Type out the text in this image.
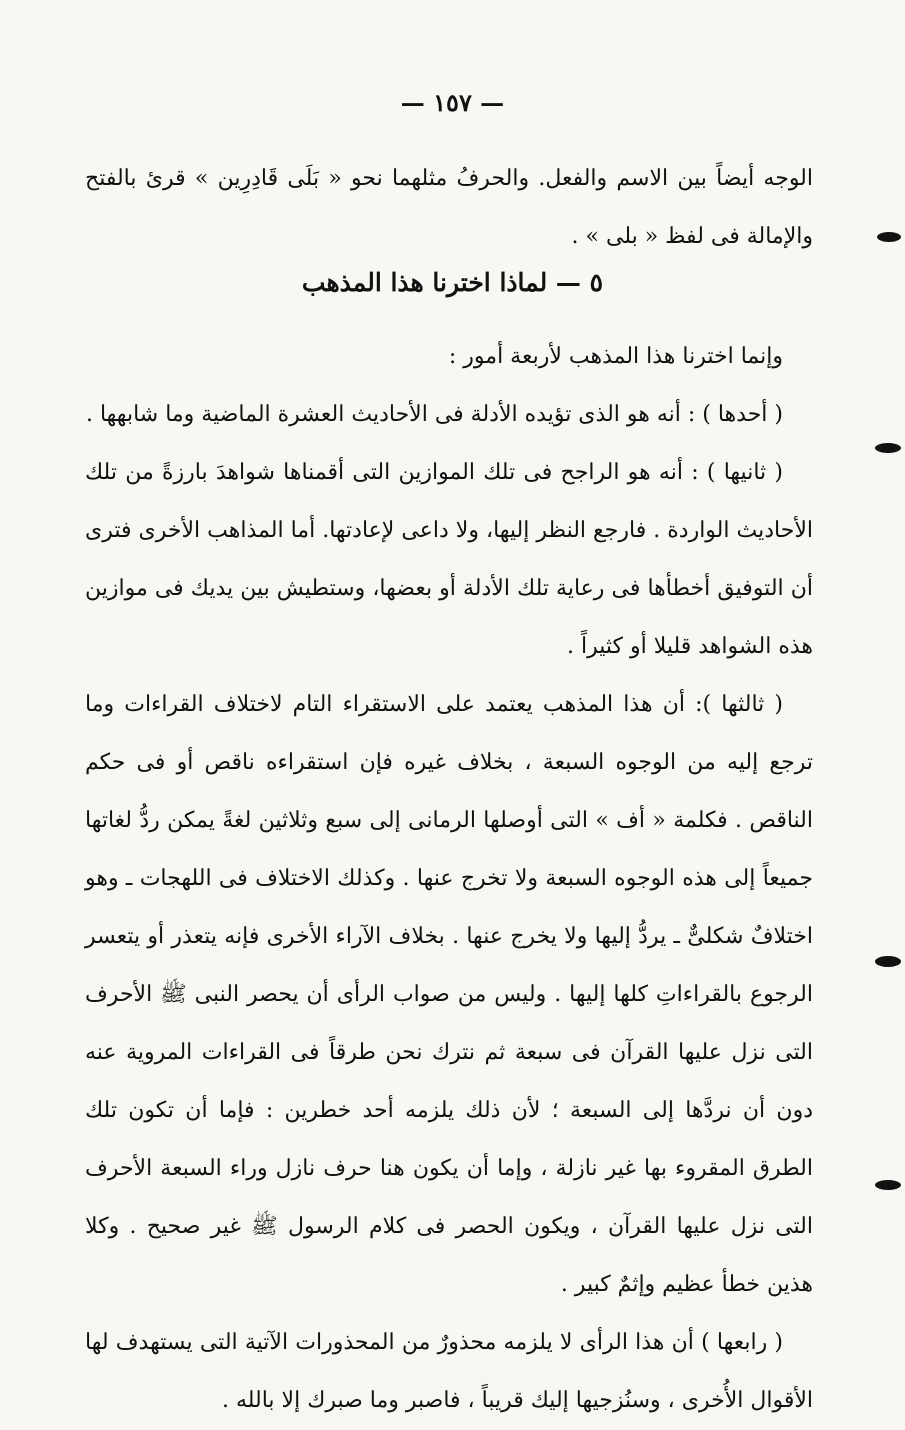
— ١٥٧ —

الوجه أيضاً بين الاسم والفعل. والحرفُ مثلهما نحو « بَلَى قَادِرِين » قرئ بالفتح والإمالة فى لفظ « بلى » .

٥ — لماذا اخترنا هذا المذهب

وإنما اخترنا هذا المذهب لأربعة أمور :

( أحدها ) : أنه هو الذى تؤيده الأدلة فى الأحاديث العشرة الماضية وما شابهها .

( ثانيها ) : أنه هو الراجح فى تلك الموازين التى أقمناها شواهدَ بارزةً من تلك الأحاديث الواردة . فارجع النظر إليها، ولا داعى لإعادتها. أما المذاهب الأخرى فترى أن التوفيق أخطأها فى رعاية تلك الأدلة أو بعضها، وستطيش بين يديك فى موازين هذه الشواهد قليلا أو كثيراً .

( ثالثها ): أن هذا المذهب يعتمد على الاستقراء التام لاختلاف القراءات وما ترجع إليه من الوجوه السبعة ، بخلاف غيره فإن استقراءه ناقص أو فى حكم الناقص . فكلمة « أف » التى أوصلها الرمانى إلى سبع وثلاثين لغةً يمكن ردُّ لغاتها جميعاً إلى هذه الوجوه السبعة ولا تخرج عنها . وكذلك الاختلاف فى اللهجات ـ وهو اختلافٌ شكلىٌّ ـ يردُّ إليها ولا يخرج عنها . بخلاف الآراء الأخرى فإنه يتعذر أو يتعسر الرجوع بالقراءاتِ كلها إليها . وليس من صواب الرأى أن يحصر النبى ﷺ الأحرف التى نزل عليها القرآن فى سبعة ثم نترك نحن طرقاً فى القراءات المروية عنه دون أن نردَّها إلى السبعة ؛ لأن ذلك يلزمه أحد خطرين : فإما أن تكون تلك الطرق المقروء بها غير نازلة ، وإما أن يكون هنا حرف نازل وراء السبعة الأحرف التى نزل عليها القرآن ، ويكون الحصر فى كلام الرسول ﷺ غير صحيح . وكلا هذين خطأ عظيم وإثمٌ كبير .

( رابعها ) أن هذا الرأى لا يلزمه محذورٌ من المحذورات الآتية التى يستهدف لها الأقوال الأُخرى ، وسنُزجيها إليك قريباً ، فاصبر وما صبرك إلا بالله .
